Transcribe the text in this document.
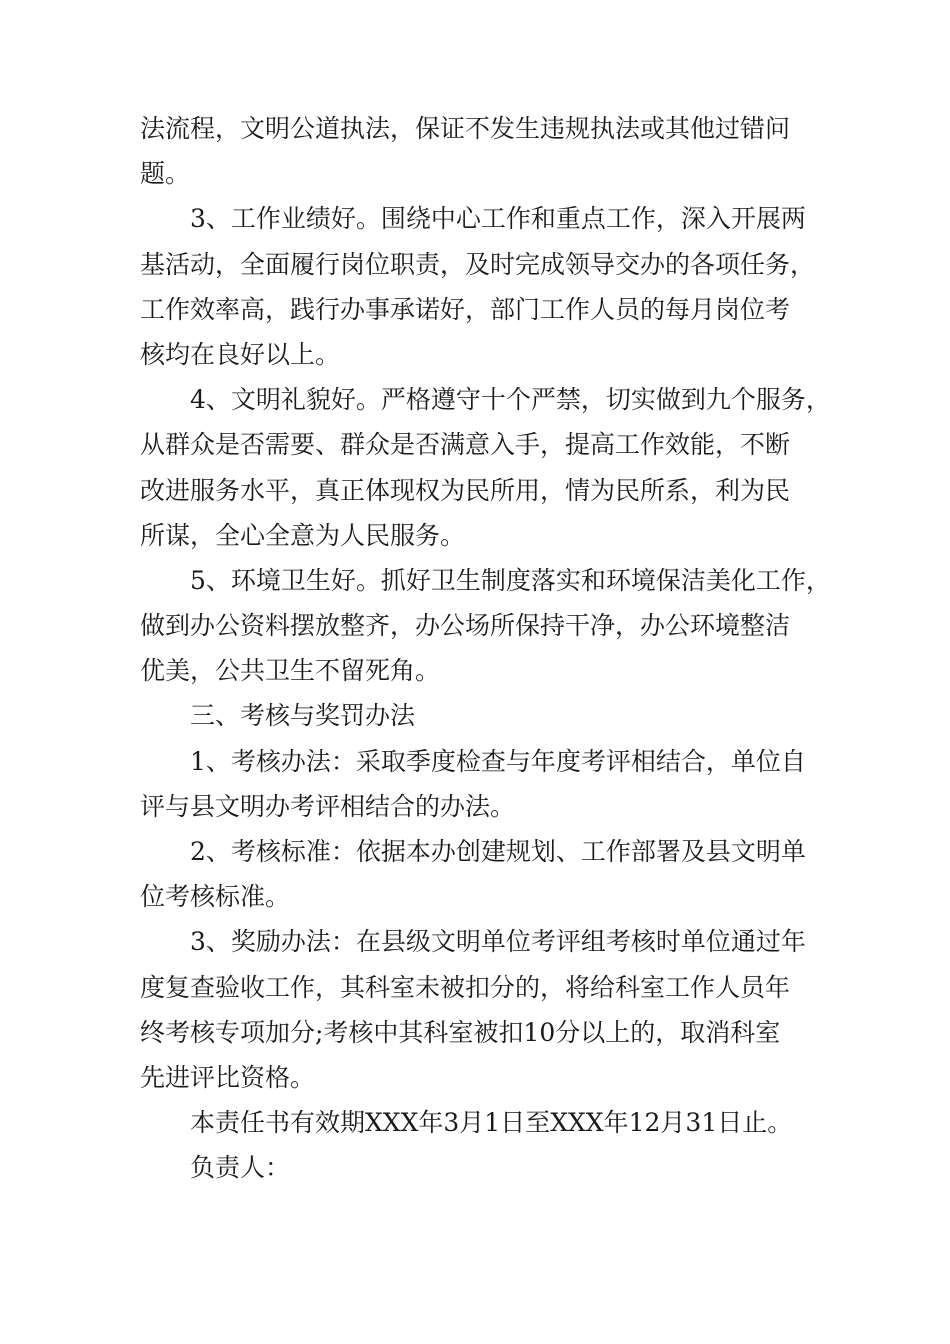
法流程，文明公道执法，保证不发生违规执法或其他过错问
题。
3、工作业绩好。围绕中心工作和重点工作，深入开展两
基活动，全面履行岗位职责，及时完成领导交办的各项任务，
工作效率高，践行办事承诺好，部门工作人员的每月岗位考
核均在良好以上。
4、文明礼貌好。严格遵守十个严禁，切实做到九个服务，
从群众是否需要、群众是否满意入手，提高工作效能，不断
改进服务水平，真正体现权为民所用，情为民所系，利为民
所谋，全心全意为人民服务。
5、环境卫生好。抓好卫生制度落实和环境保洁美化工作，
做到办公资料摆放整齐，办公场所保持干净，办公环境整洁
优美，公共卫生不留死角。
三、考核与奖罚办法
1、考核办法：采取季度检查与年度考评相结合，单位自
评与县文明办考评相结合的办法。
2、考核标准：依据本办创建规划、工作部署及县文明单
位考核标准。
3、奖励办法：在县级文明单位考评组考核时单位通过年
度复查验收工作，其科室未被扣分的，将给科室工作人员年
终考核专项加分;考核中其科室被扣10分以上的，取消科室
先进评比资格。
本责任书有效期XXX年3月1日至XXX年12月31日止。
负责人：
